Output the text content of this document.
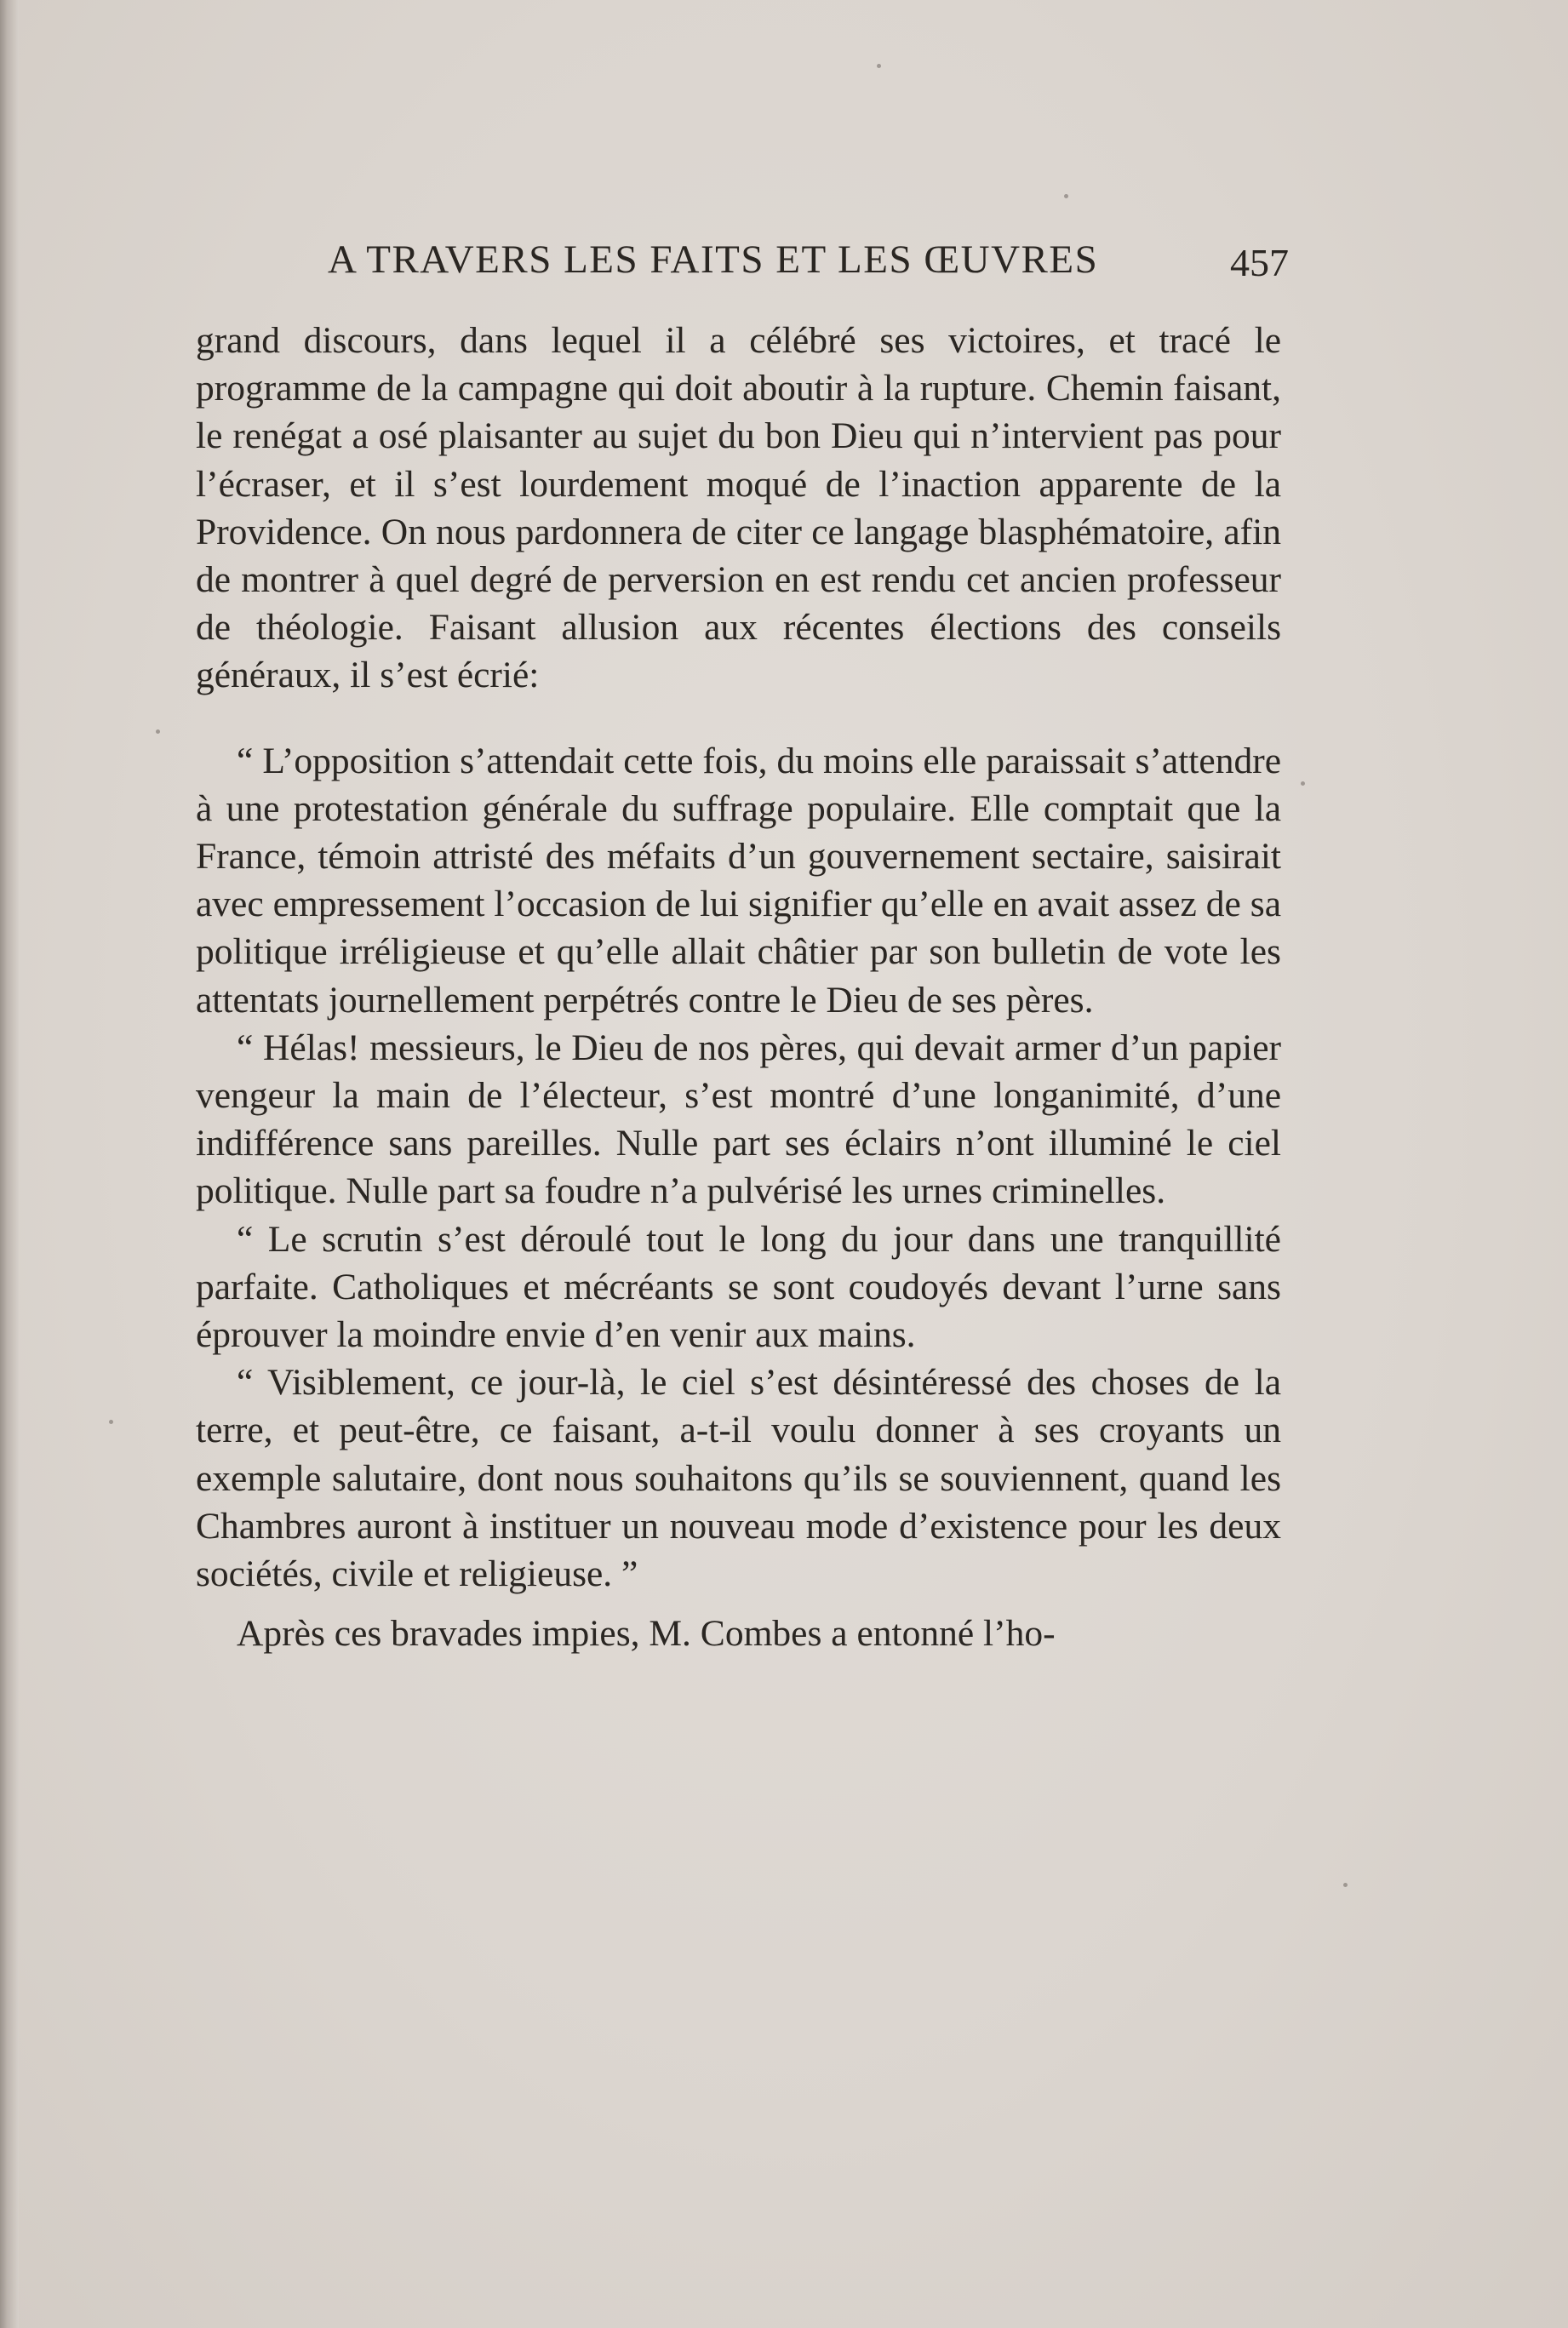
A TRAVERS LES FAITS ET LES ŒUVRES	457

grand discours, dans lequel il a célébré ses victoires, et tracé le programme de la campagne qui doit aboutir à la rupture. Chemin faisant, le renégat a osé plaisanter au sujet du bon Dieu qui n’intervient pas pour l’écraser, et il s’est lourdement moqué de l’inaction apparente de la Providence. On nous pardonnera de citer ce langage blasphématoire, afin de montrer à quel degré de perversion en est rendu cet ancien professeur de théologie. Faisant allusion aux récentes élections des conseils généraux, il s’est écrié:

“ L’opposition s’attendait cette fois, du moins elle paraissait s’attendre à une protestation générale du suffrage populaire. Elle comptait que la France, témoin attristé des méfaits d’un gouvernement sectaire, saisirait avec empressement l’occasion de lui signifier qu’elle en avait assez de sa politique irréligieuse et qu’elle allait châtier par son bulletin de vote les attentats journellement perpétrés contre le Dieu de ses pères.

“ Hélas! messieurs, le Dieu de nos pères, qui devait armer d’un papier vengeur la main de l’électeur, s’est montré d’une longanimité, d’une indifférence sans pareilles. Nulle part ses éclairs n’ont illuminé le ciel politique. Nulle part sa foudre n’a pulvérisé les urnes criminelles.

“ Le scrutin s’est déroulé tout le long du jour dans une tranquillité parfaite. Catholiques et mécréants se sont coudoyés devant l’urne sans éprouver la moindre envie d’en venir aux mains.

“ Visiblement, ce jour-là, le ciel s’est désintéressé des choses de la terre, et peut-être, ce faisant, a-t-il voulu donner à ses croyants un exemple salutaire, dont nous souhaitons qu’ils se souviennent, quand les Chambres auront à instituer un nouveau mode d’existence pour les deux sociétés, civile et religieuse. ”

Après ces bravades impies, M. Combes a entonné l’ho-
